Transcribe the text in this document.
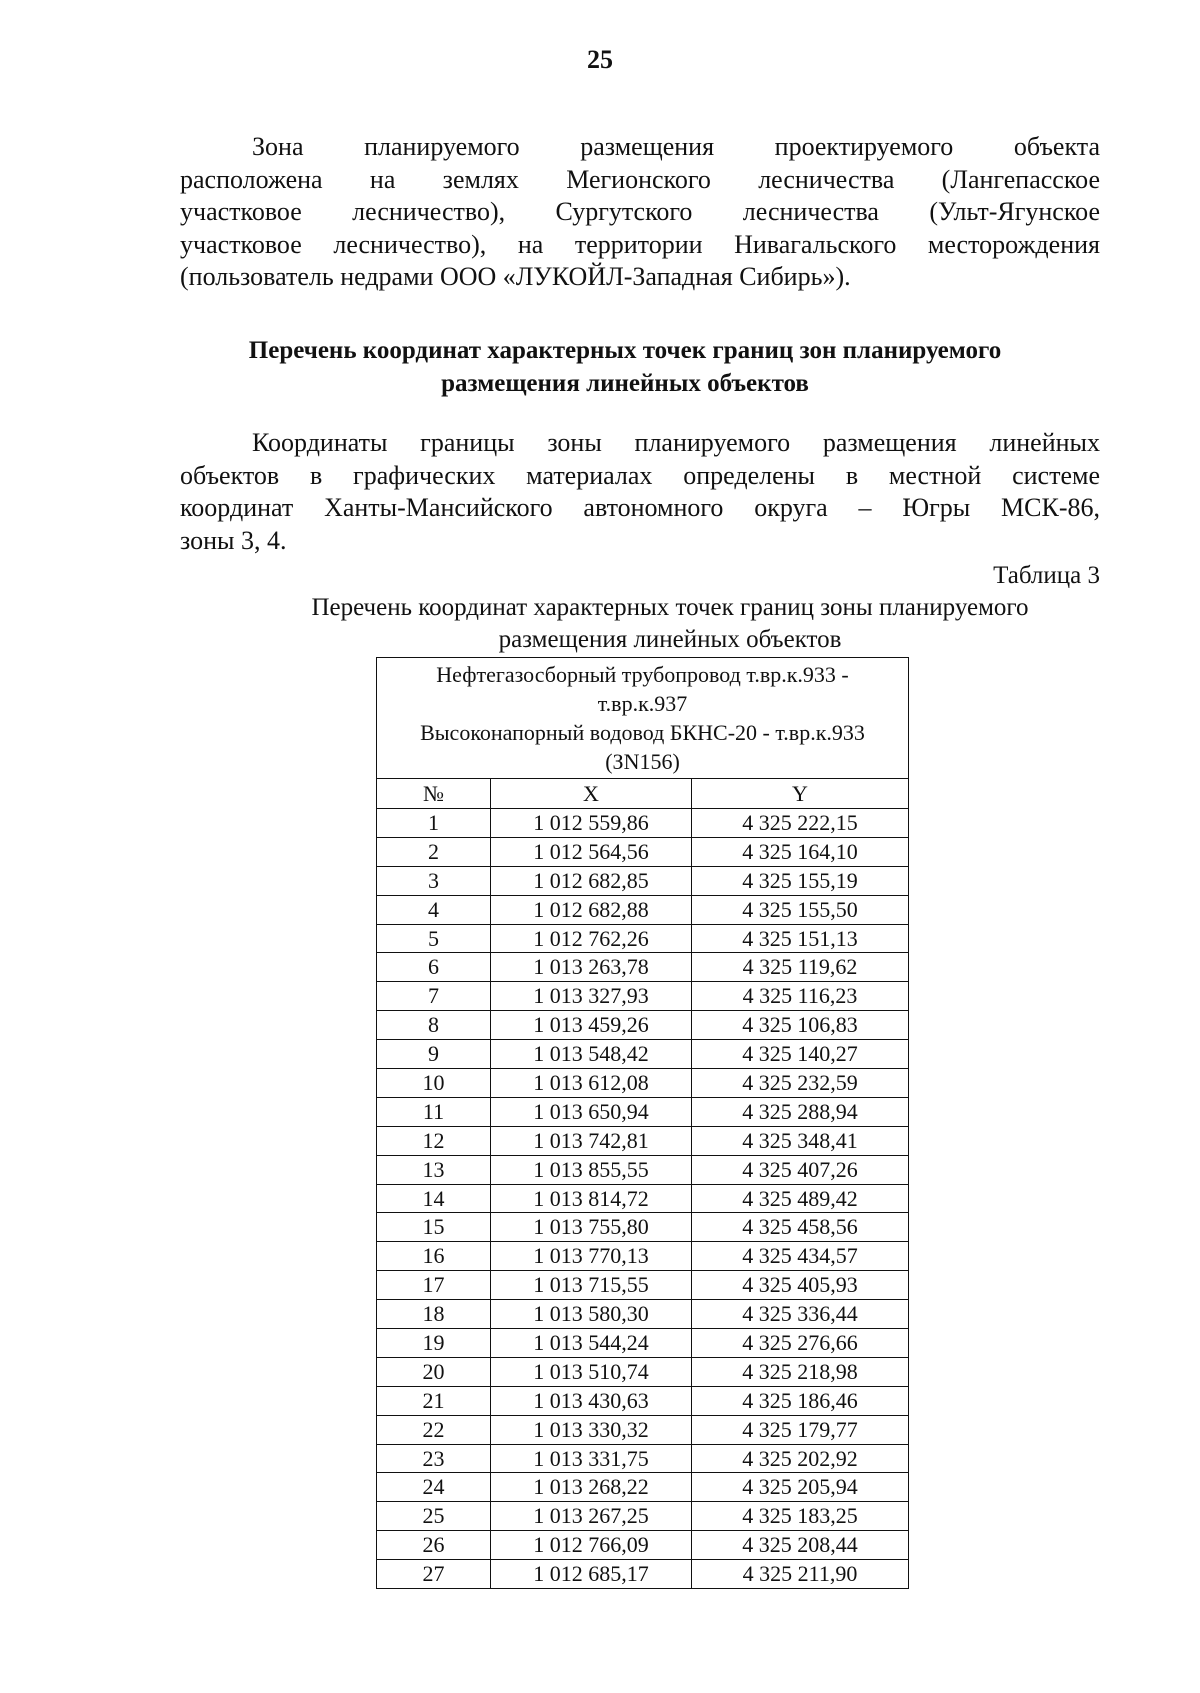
25
Зона планируемого размещения проектируемого объекта
расположена на землях Мегионского лесничества (Лангепасское
участковое лесничество), Сургутского лесничества (Ульт-Ягунское
участковое лесничество), на территории Нивагальского месторождения
(пользователь недрами ООО «ЛУКОЙЛ-Западная Сибирь»).
Перечень координат характерных точек границ зон планируемого
размещения линейных объектов
Координаты границы зоны планируемого размещения линейных
объектов в графических материалах определены в местной системе
координат Ханты-Мансийского автономного округа – Югры МСК-86,
зоны 3, 4.
Таблица 3
Перечень координат характерных точек границ зоны планируемого
размещения линейных объектов
Нефтегазосборный трубопровод т.вр.к.933 -
т.вр.к.937
Высоконапорный водовод БКНС-20 - т.вр.к.933
(ЗN156)		

№	X	Y
1	1 012 559,86	4 325 222,15
2	1 012 564,56	4 325 164,10
3	1 012 682,85	4 325 155,19
4	1 012 682,88	4 325 155,50
5	1 012 762,26	4 325 151,13
6	1 013 263,78	4 325 119,62
7	1 013 327,93	4 325 116,23
8	1 013 459,26	4 325 106,83
9	1 013 548,42	4 325 140,27
10	1 013 612,08	4 325 232,59
11	1 013 650,94	4 325 288,94
12	1 013 742,81	4 325 348,41
13	1 013 855,55	4 325 407,26
14	1 013 814,72	4 325 489,42
15	1 013 755,80	4 325 458,56
16	1 013 770,13	4 325 434,57
17	1 013 715,55	4 325 405,93
18	1 013 580,30	4 325 336,44
19	1 013 544,24	4 325 276,66
20	1 013 510,74	4 325 218,98
21	1 013 430,63	4 325 186,46
22	1 013 330,32	4 325 179,77
23	1 013 331,75	4 325 202,92
24	1 013 268,22	4 325 205,94
25	1 013 267,25	4 325 183,25
26	1 012 766,09	4 325 208,44
27	1 012 685,17	4 325 211,90
